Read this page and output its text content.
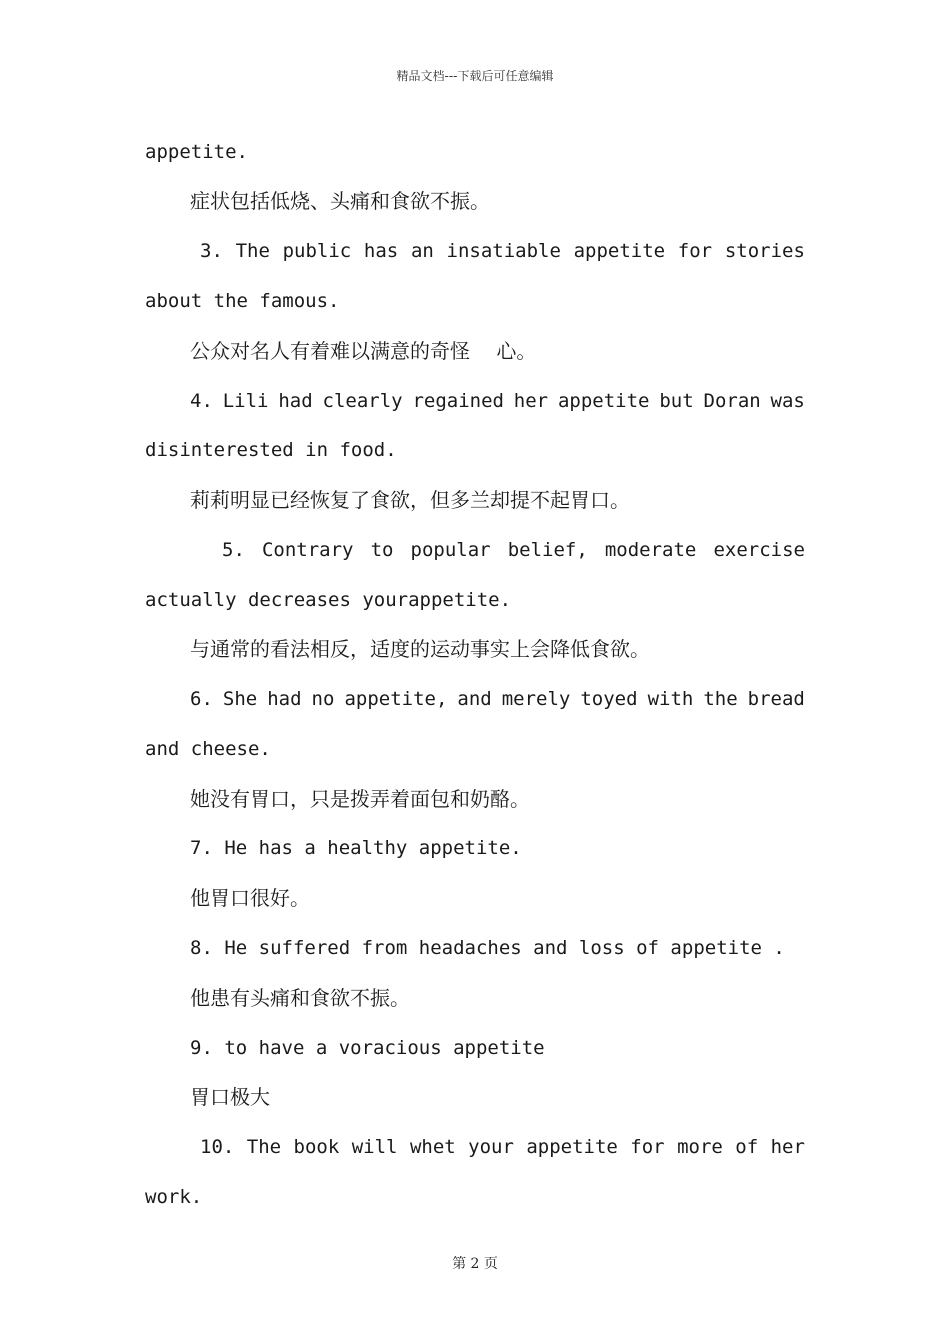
精品文档---下载后可任意编辑
appetite.
症状包括低烧、头痛和食欲不振。
3. The public has an insatiable appetite for stories
about the famous.
公众对名人有着难以满意的奇怪　 心。
4. Lili had clearly regained her appetite but Doran was
disinterested in food.
莉莉明显已经恢复了食欲，但多兰却提不起胃口。
5. Contrary to popular belief, moderate exercise
actually decreases yourappetite.
与通常的看法相反，适度的运动事实上会降低食欲。
6. She had no appetite, and merely toyed with the bread
and cheese.
她没有胃口，只是拨弄着面包和奶酪。
7. He has a healthy appetite.
他胃口很好。
8. He suffered from headaches and loss of appetite .
他患有头痛和食欲不振。
9. to have a voracious appetite
胃口极大
10. The book will whet your appetite for more of her
work.
第 2 页
